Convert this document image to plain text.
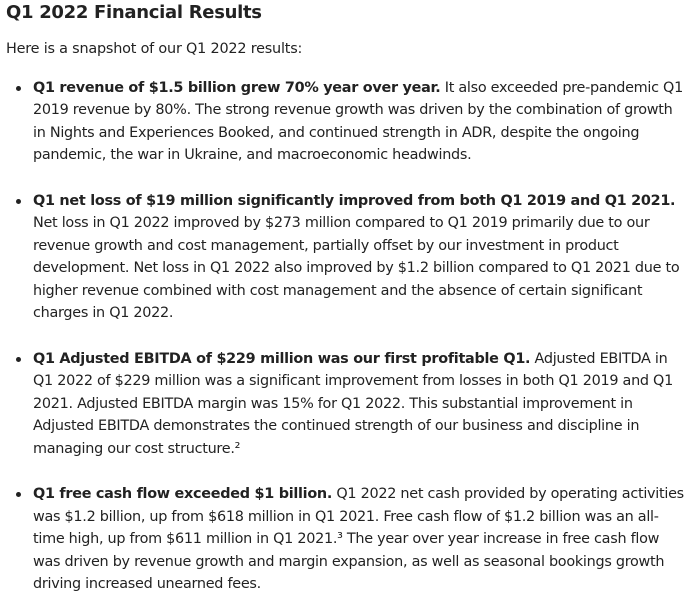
Q1 2022 Financial Results

Here is a snapshot of our Q1 2022 results:

Q1 revenue of $1.5 billion grew 70% year over year. It also exceeded pre-pandemic Q1 2019 revenue by 80%. The strong revenue growth was driven by the combination of growth in Nights and Experiences Booked, and continued strength in ADR, despite the ongoing pandemic, the war in Ukraine, and macroeconomic headwinds.
Q1 net loss of $19 million significantly improved from both Q1 2019 and Q1 2021. Net loss in Q1 2022 improved by $273 million compared to Q1 2019 primarily due to our revenue growth and cost management, partially offset by our investment in product development. Net loss in Q1 2022 also improved by $1.2 billion compared to Q1 2021 due to higher revenue combined with cost management and the absence of certain significant charges in Q1 2022.
Q1 Adjusted EBITDA of $229 million was our first profitable Q1. Adjusted EBITDA in Q1 2022 of $229 million was a significant improvement from losses in both Q1 2019 and Q1 2021. Adjusted EBITDA margin was 15% for Q1 2022. This substantial improvement in Adjusted EBITDA demonstrates the continued strength of our business and discipline in managing our cost structure.²
Q1 free cash flow exceeded $1 billion. Q1 2022 net cash provided by operating activities was $1.2 billion, up from $618 million in Q1 2021. Free cash flow of $1.2 billion was an all-time high, up from $611 million in Q1 2021.³ The year over year increase in free cash flow was driven by revenue growth and margin expansion, as well as seasonal bookings growth driving increased unearned fees.
